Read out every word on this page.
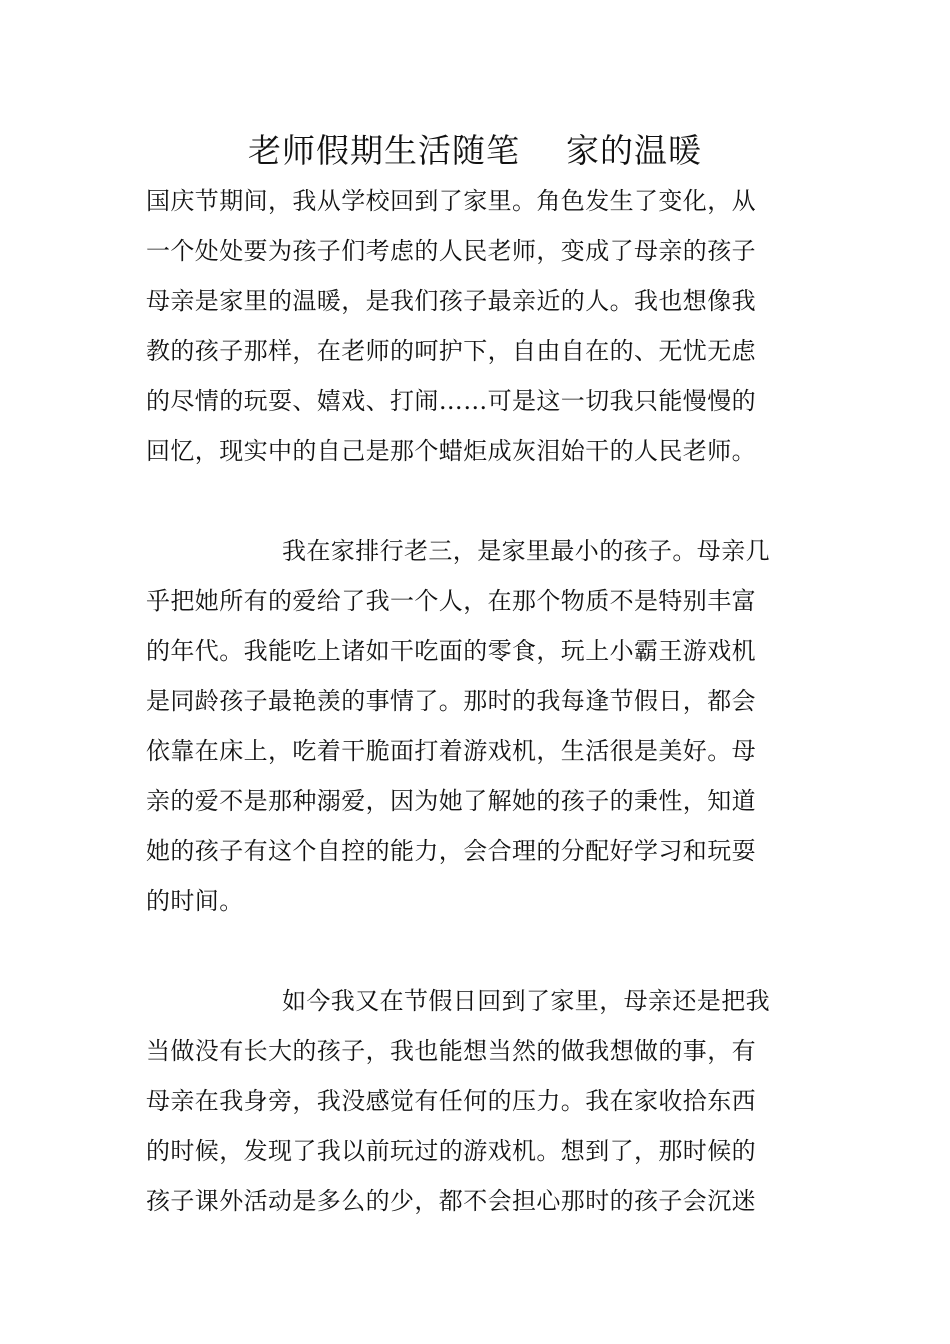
老师假期生活随笔    家的温暖
国庆节期间，我从学校回到了家里。角色发生了变化，从
一个处处要为孩子们考虑的人民老师，变成了母亲的孩子
母亲是家里的温暖，是我们孩子最亲近的人。我也想像我
教的孩子那样，在老师的呵护下，自由自在的、无忧无虑
的尽情的玩耍、嬉戏、打闹……可是这一切我只能慢慢的
回忆，现实中的自己是那个蜡炬成灰泪始干的人民老师。
我在家排行老三，是家里最小的孩子。母亲几
乎把她所有的爱给了我一个人，在那个物质不是特别丰富
的年代。我能吃上诸如干吃面的零食，玩上小霸王游戏机
是同龄孩子最艳羡的事情了。那时的我每逢节假日，都会
依靠在床上，吃着干脆面打着游戏机，生活很是美好。母
亲的爱不是那种溺爱，因为她了解她的孩子的秉性，知道
她的孩子有这个自控的能力，会合理的分配好学习和玩耍
的时间。
如今我又在节假日回到了家里，母亲还是把我
当做没有长大的孩子，我也能想当然的做我想做的事，有
母亲在我身旁，我没感觉有任何的压力。我在家收拾东西
的时候，发现了我以前玩过的游戏机。想到了，那时候的
孩子课外活动是多么的少，都不会担心那时的孩子会沉迷
